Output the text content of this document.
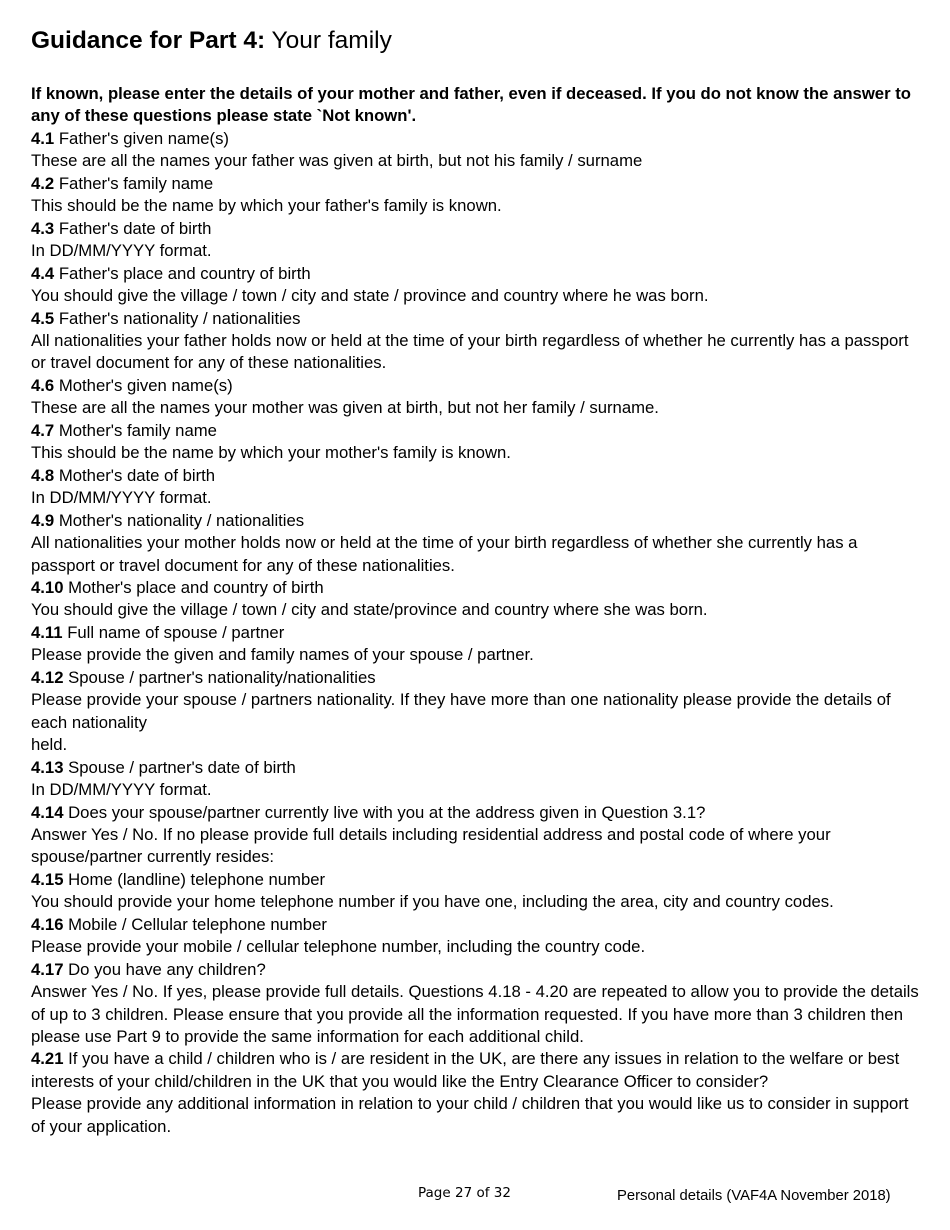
Guidance for Part 4: Your family

If known, please enter the details of your mother and father, even if deceased. If you do not know the answer to any of these questions please state `Not known'.

4.1 Father's given name(s)

These are all the names your father was given at birth, but not his family / surname

4.2 Father's family name

This should be the name by which your father's family is known.

4.3 Father's date of birth

In DD/MM/YYYY format.

4.4 Father's place and country of birth

You should give the village / town / city and state / province and country where he was born.

4.5 Father's nationality / nationalities

All nationalities your father holds now or held at the time of your birth regardless of whether he currently has a passport or travel document for any of these nationalities.

4.6 Mother's given name(s)

These are all the names your mother was given at birth, but not her family / surname.

4.7 Mother's family name

This should be the name by which your mother's family is known.

4.8 Mother's date of birth

In DD/MM/YYYY format.

4.9 Mother's nationality / nationalities

All nationalities your mother holds now or held at the time of your birth regardless of whether she currently has a passport or travel document for any of these nationalities.

4.10 Mother's place and country of birth

You should give the village / town / city and state/province and country where she was born.

4.11 Full name of spouse / partner

Please provide the given and family names of your spouse / partner.

4.12 Spouse / partner's nationality/nationalities

Please provide your spouse / partners nationality. If they have more than one nationality please provide the details of each nationality

held.

4.13 Spouse / partner's date of birth

In DD/MM/YYYY format.

4.14 Does your spouse/partner currently live with you at the address given in Question 3.1?

Answer Yes / No. If no please provide full details including residential address and postal code of where your spouse/partner currently resides:

4.15 Home (landline) telephone number

You should provide your home telephone number if you have one, including the area, city and country codes.

4.16 Mobile / Cellular telephone number

Please provide your mobile / cellular telephone number, including the country code.

4.17 Do you have any children?

Answer Yes / No. If yes, please provide full details. Questions 4.18 - 4.20 are repeated to allow you to provide the details of up to 3 children. Please ensure that you provide all the information requested. If you have more than 3 children then please use Part 9 to provide the same information for each additional child.

4.21 If you have a child / children who is / are resident in the UK, are there any issues in relation to the welfare or best interests of your child/children in the UK that you would like the Entry Clearance Officer to consider?

Please provide any additional information in relation to your child / children that you would like us to consider in support of your application.

Page 27 of 32	Personal details (VAF4A November 2018)
